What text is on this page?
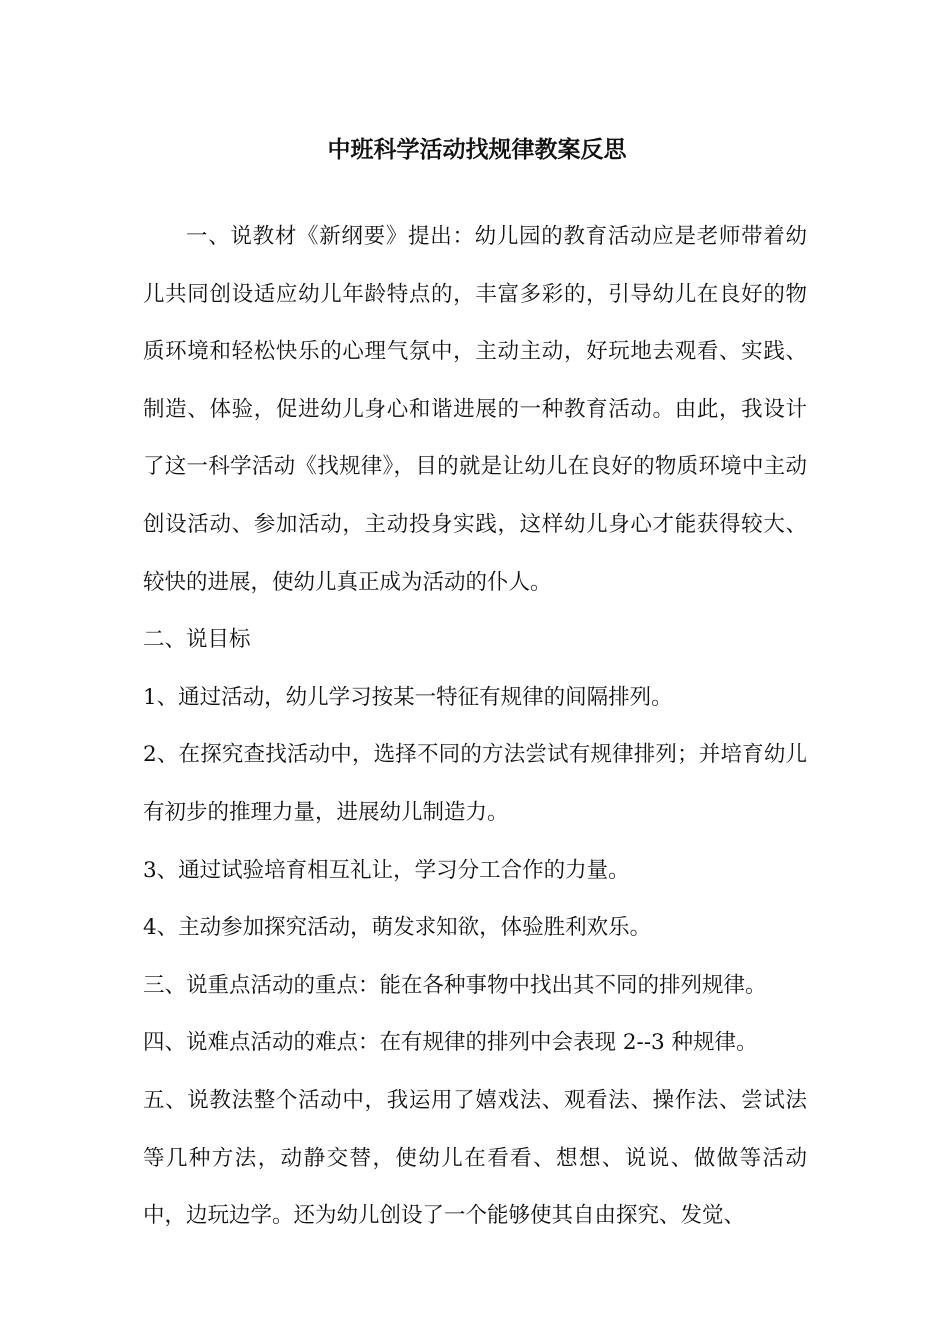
中班科学活动找规律教案反思

一、说教材《新纲要》提出：幼儿园的教育活动应是老师带着幼儿共同创设适应幼儿年龄特点的，丰富多彩的，引导幼儿在良好的物质环境和轻松快乐的心理气氛中，主动主动，好玩地去观看、实践、制造、体验，促进幼儿身心和谐进展的一种教育活动。由此，我设计了这一科学活动《找规律》，目的就是让幼儿在良好的物质环境中主动创设活动、参加活动，主动投身实践，这样幼儿身心才能获得较大、较快的进展，使幼儿真正成为活动的仆人。

二、说目标

1、通过活动，幼儿学习按某一特征有规律的间隔排列。

2、在探究查找活动中，选择不同的方法尝试有规律排列；并培育幼儿有初步的推理力量，进展幼儿制造力。

3、通过试验培育相互礼让，学习分工合作的力量。

4、主动参加探究活动，萌发求知欲，体验胜利欢乐。

三、说重点活动的重点：能在各种事物中找出其不同的排列规律。

四、说难点活动的难点：在有规律的排列中会表现 2--3 种规律。

五、说教法整个活动中，我运用了嬉戏法、观看法、操作法、尝试法等几种方法，动静交替，使幼儿在看看、想想、说说、做做等活动中，边玩边学。还为幼儿创设了一个能够使其自由探究、发觉、
